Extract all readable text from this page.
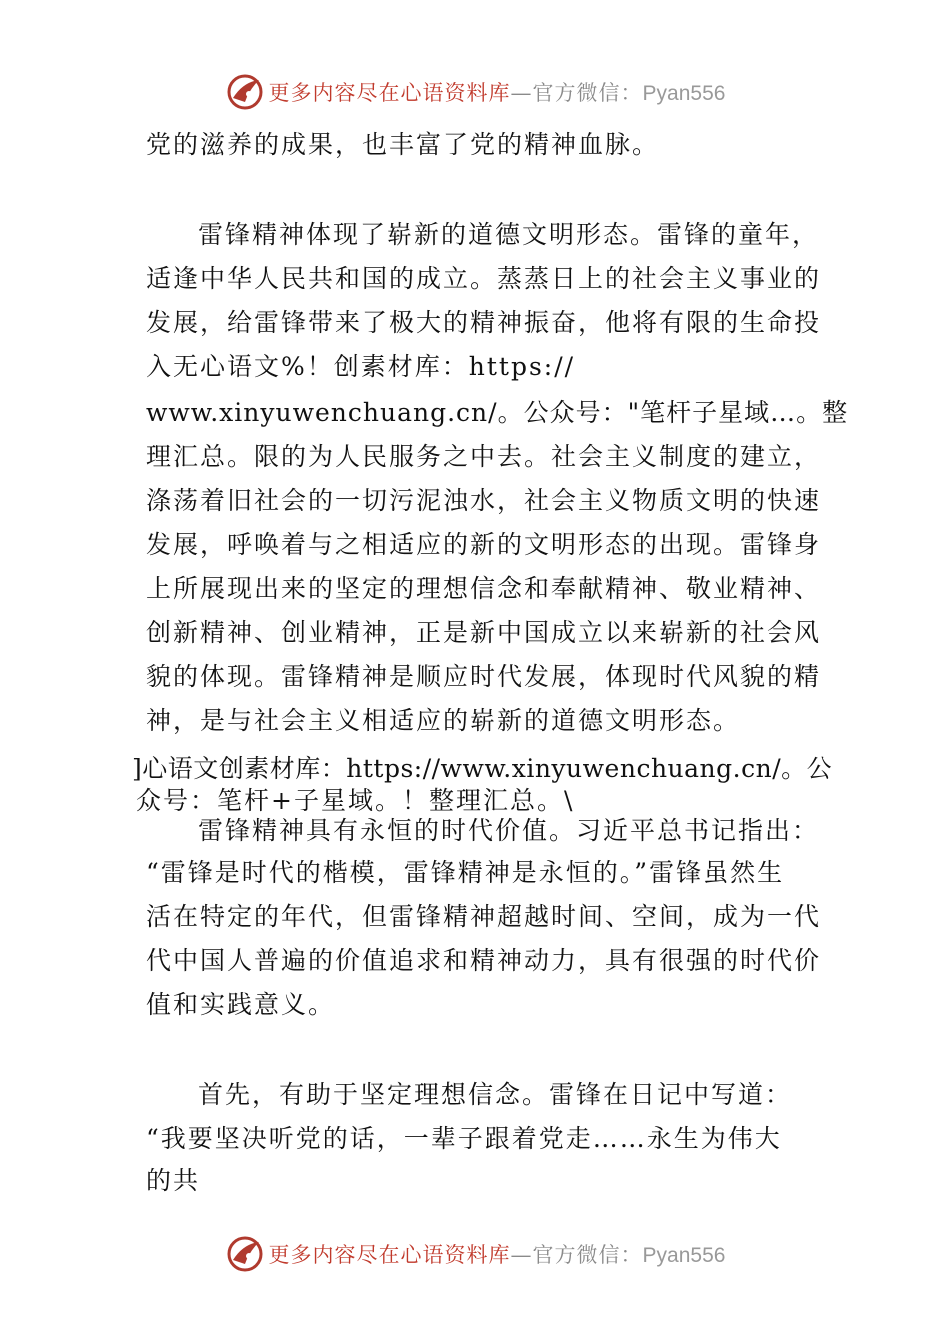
更多内容尽在心语资料库—官方微信：Pyan556
党的滋养的成果，也丰富了党的精神血脉。
雷锋精神体现了崭新的道德文明形态。雷锋的童年，
适逢中华人民共和国的成立。蒸蒸日上的社会主义事业的
发展，给雷锋带来了极大的精神振奋，他将有限的生命投
入无心语文%！创素材库：https://
www.xinyuwenchuang.cn/。公众号："笔杆子星域…。整
理汇总。限的为人民服务之中去。社会主义制度的建立，
涤荡着旧社会的一切污泥浊水，社会主义物质文明的快速
发展，呼唤着与之相适应的新的文明形态的出现。雷锋身
上所展现出来的坚定的理想信念和奉献精神、敬业精神、
创新精神、创业精神，正是新中国成立以来崭新的社会风
貌的体现。雷锋精神是顺应时代发展，体现时代风貌的精
神，是与社会主义相适应的崭新的道德文明形态。
]心语文创素材库：https://www.xinyuwenchuang.cn/。公
众号：笔杆+子星域。！整理汇总。\
雷锋精神具有永恒的时代价值。习近平总书记指出：
“雷锋是时代的楷模，雷锋精神是永恒的。”雷锋虽然生
活在特定的年代，但雷锋精神超越时间、空间，成为一代
代中国人普遍的价值追求和精神动力，具有很强的时代价
值和实践意义。
首先，有助于坚定理想信念。雷锋在日记中写道：
“我要坚决听党的话，一辈子跟着党走……永生为伟大
的共
更多内容尽在心语资料库—官方微信：Pyan556
